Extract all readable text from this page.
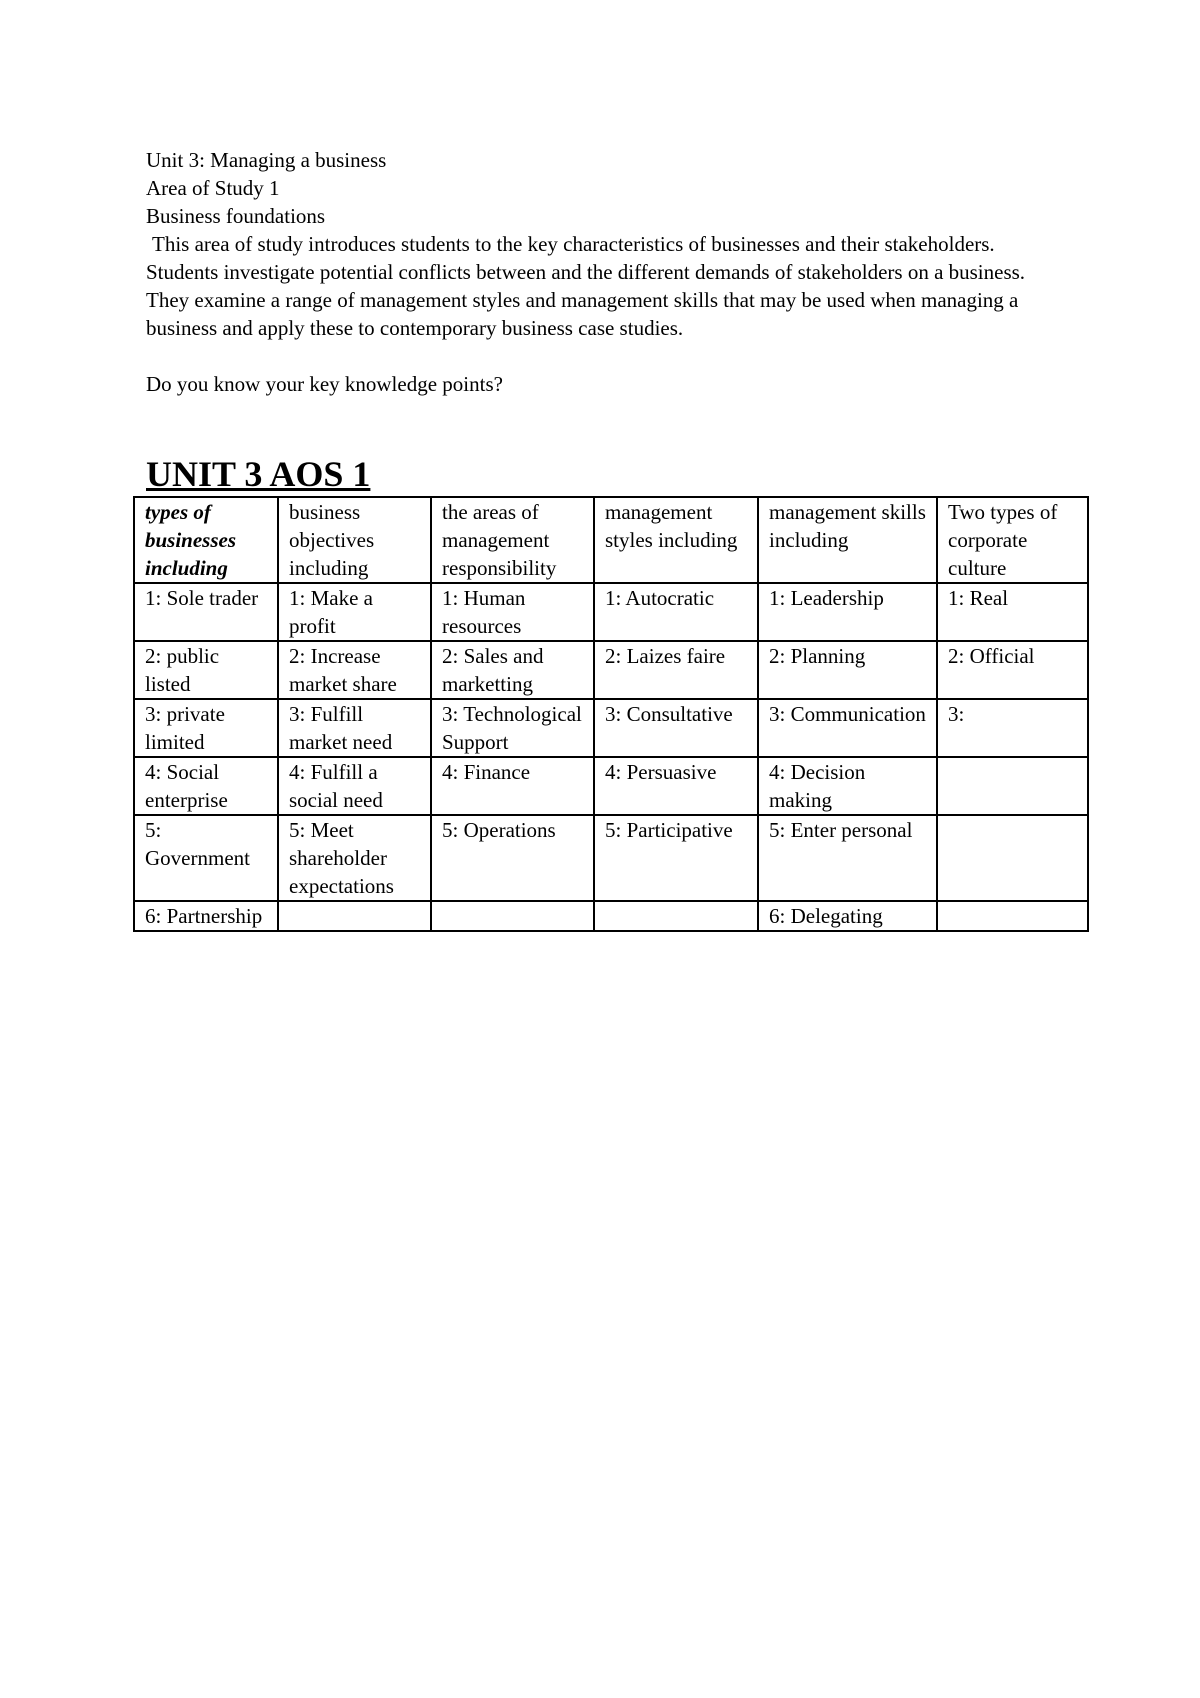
Unit 3: Managing a business

Area of Study 1

Business foundations

This area of study introduces students to the key characteristics of businesses and their stakeholders. Students investigate potential conflicts between and the different demands of stakeholders on a business. They examine a range of management styles and management skills that may be used when managing a business and apply these to contemporary business case studies.

Do you know your key knowledge points?

UNIT 3 AOS 1
types of businesses including	business objectives including	the areas of management responsibility	management styles including	management skills including	Two types of corporate culture
1: Sole trader	1: Make a profit	1: Human resources	1: Autocratic	1: Leadership	1: Real
2: public listed	2: Increase market share	2: Sales and marketting	2: Laizes faire	2: Planning	2: Official
3: private limited	3: Fulfill market need	3: Technological Support	3: Consultative	3: Communication	3:
4: Social enterprise	4: Fulfill a social need	4: Finance	4: Persuasive	4: Decision making	
5: Government	5: Meet shareholder expectations	5: Operations	5: Participative	5: Enter personal	
6: Partnership				6: Delegating	
